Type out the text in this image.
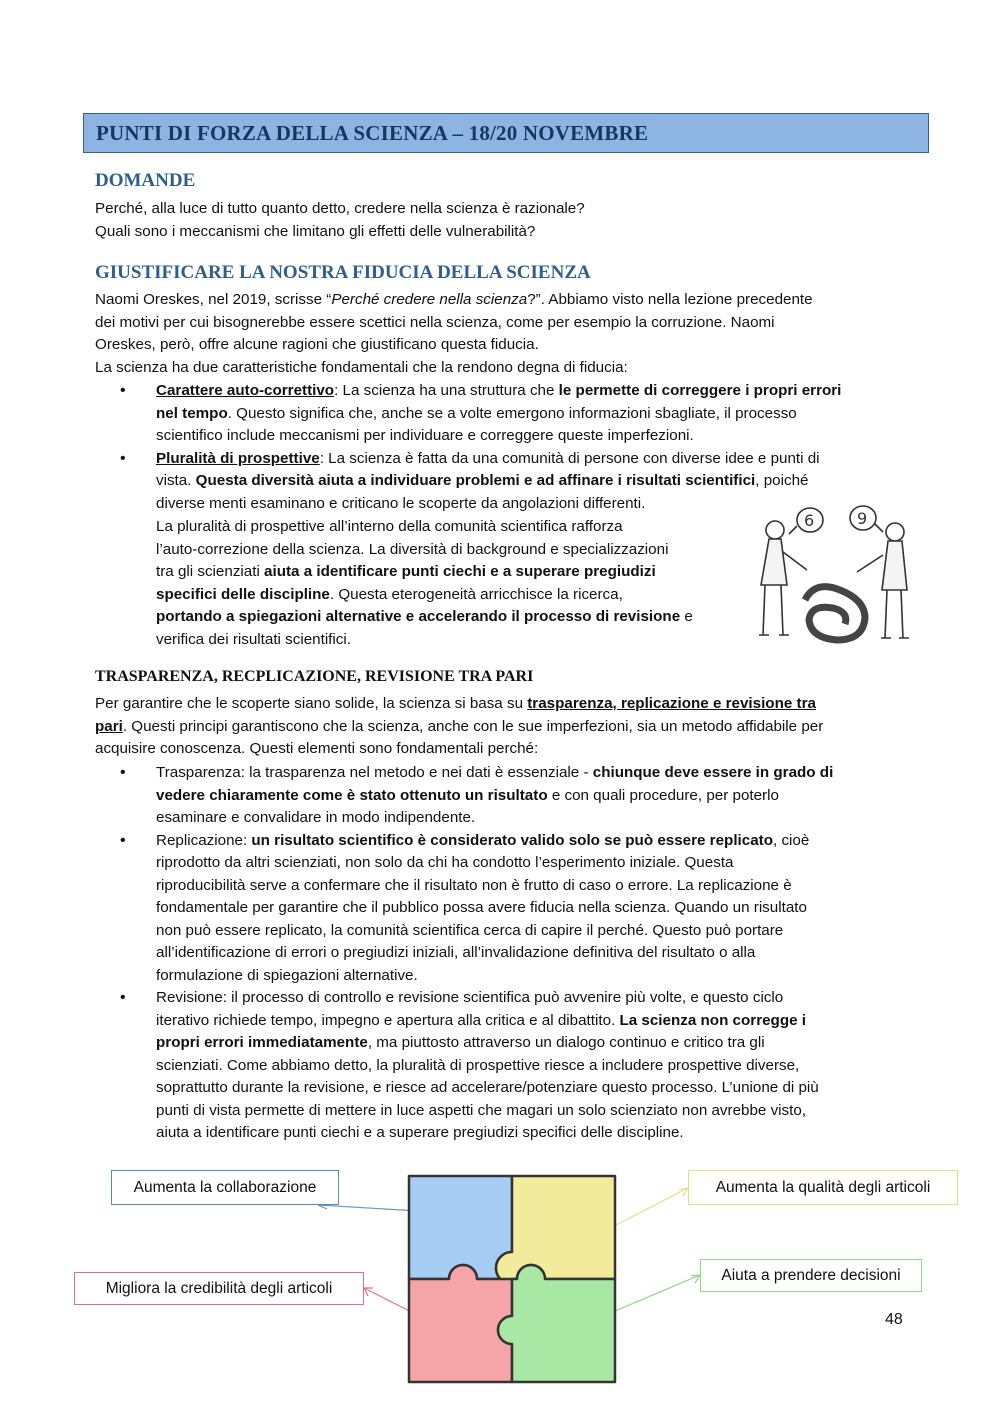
PUNTI DI FORZA DELLA SCIENZA – 18/20 NOVEMBRE
DOMANDE
Perché, alla luce di tutto quanto detto, credere nella scienza è razionale?
Quali sono i meccanismi che limitano gli effetti delle vulnerabilità?
GIUSTIFICARE LA NOSTRA FIDUCIA DELLA SCIENZA
Naomi Oreskes, nel 2019, scrisse “Perché credere nella scienza?”. Abbiamo visto nella lezione precedente
dei motivi per cui bisognerebbe essere scettici nella scienza, come per esempio la corruzione. Naomi
Oreskes, però, offre alcune ragioni che giustificano questa fiducia.
La scienza ha due caratteristiche fondamentali che la rendono degna di fiducia:
• Carattere auto-correttivo: La scienza ha una struttura che le permette di correggere i propri errori
nel tempo. Questo significa che, anche se a volte emergono informazioni sbagliate, il processo
scientifico include meccanismi per individuare e correggere queste imperfezioni.
• Pluralità di prospettive: La scienza è fatta da una comunità di persone con diverse idee e punti di
vista. Questa diversità aiuta a individuare problemi e ad affinare i risultati scientifici, poiché
diverse menti esaminano e criticano le scoperte da angolazioni differenti.
La pluralità di prospettive all’interno della comunità scientifica rafforza
l’auto-correzione della scienza. La diversità di background e specializzazioni
tra gli scienziati aiuta a identificare punti ciechi e a superare pregiudizi
specifici delle discipline. Questa eterogeneità arricchisce la ricerca,
portando a spiegazioni alternative e accelerando il processo di revisione e
verifica dei risultati scientifici.
6	9
TRASPARENZA, RECPLICAZIONE, REVISIONE TRA PARI
Per garantire che le scoperte siano solide, la scienza si basa su trasparenza, replicazione e revisione tra
pari. Questi principi garantiscono che la scienza, anche con le sue imperfezioni, sia un metodo affidabile per
acquisire conoscenza. Questi elementi sono fondamentali perché:
• Trasparenza: la trasparenza nel metodo e nei dati è essenziale - chiunque deve essere in grado di
vedere chiaramente come è stato ottenuto un risultato e con quali procedure, per poterlo
esaminare e convalidare in modo indipendente.
• Replicazione: un risultato scientifico è considerato valido solo se può essere replicato, cioè
riprodotto da altri scienziati, non solo da chi ha condotto l’esperimento iniziale. Questa
riproducibilità serve a confermare che il risultato non è frutto di caso o errore. La replicazione è
fondamentale per garantire che il pubblico possa avere fiducia nella scienza. Quando un risultato
non può essere replicato, la comunità scientifica cerca di capire il perché. Questo può portare
all’identificazione di errori o pregiudizi iniziali, all’invalidazione definitiva del risultato o alla
formulazione di spiegazioni alternative.
• Revisione: il processo di controllo e revisione scientifica può avvenire più volte, e questo ciclo
iterativo richiede tempo, impegno e apertura alla critica e al dibattito. La scienza non corregge i
propri errori immediatamente, ma piuttosto attraverso un dialogo continuo e critico tra gli
scienziati. Come abbiamo detto, la pluralità di prospettive riesce a includere prospettive diverse,
soprattutto durante la revisione, e riesce ad accelerare/potenziare questo processo. L’unione di più
punti di vista permette di mettere in luce aspetti che magari un solo scienziato non avrebbe visto,
aiuta a identificare punti ciechi e a superare pregiudizi specifici delle discipline.
Aumenta la collaborazione	Aumenta la qualità degli articoli
Migliora la credibilità degli articoli
Aiuta a prendere decisioni
48
